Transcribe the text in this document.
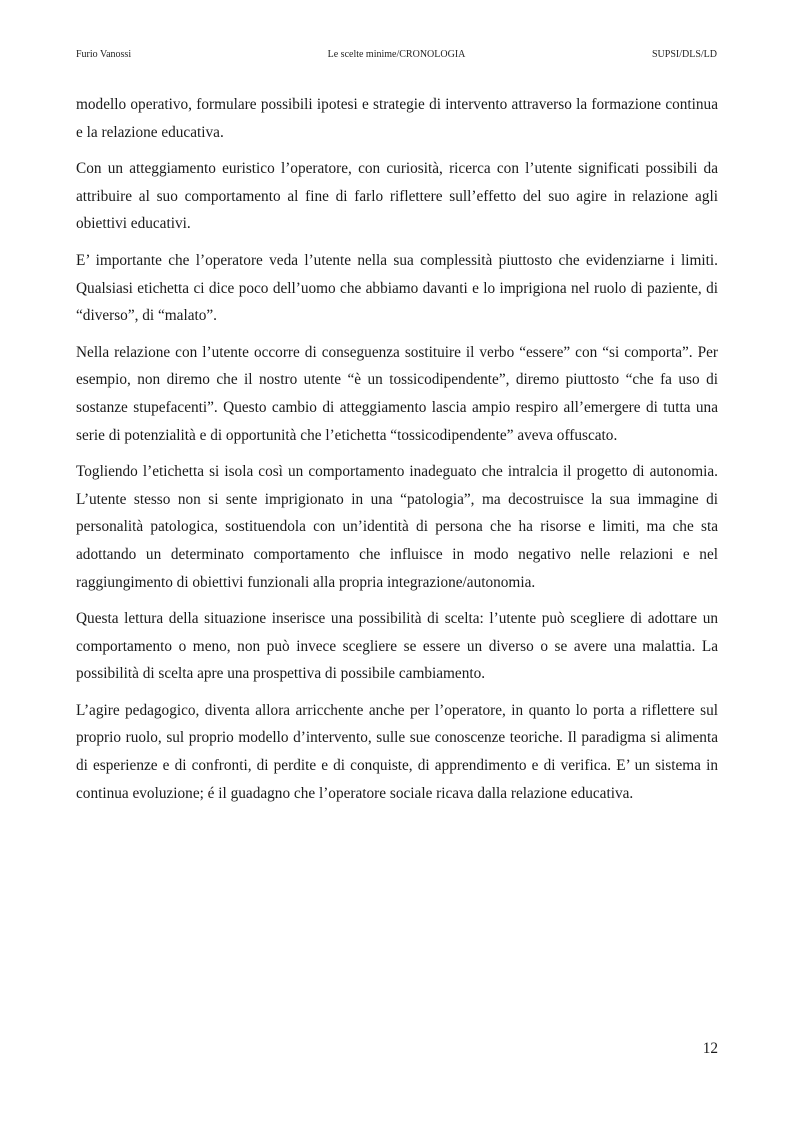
Furio Vanossi	Le scelte minime/CRONOLOGIA	SUPSI/DLS/LD

modello operativo, formulare possibili ipotesi e strategie di intervento attraverso la formazione continua e la relazione educativa.

Con un atteggiamento euristico l’operatore, con curiosità, ricerca con l’utente significati possibili da attribuire al suo comportamento al fine di farlo riflettere sull’effetto del suo agire in relazione agli obiettivi educativi.

E’ importante che l’operatore veda l’utente nella sua complessità piuttosto che evidenziarne i limiti. Qualsiasi etichetta ci dice poco dell’uomo che abbiamo davanti e lo imprigiona nel ruolo di paziente, di “diverso”, di “malato”.

Nella relazione con l’utente occorre di conseguenza sostituire il verbo “essere” con “si comporta”. Per esempio, non diremo che il nostro utente “è un tossicodipendente”, diremo piuttosto “che fa uso di sostanze stupefacenti”. Questo cambio di atteggiamento lascia ampio respiro all’emergere di tutta una serie di potenzialità e di opportunità che l’etichetta “tossicodipendente” aveva offuscato.

Togliendo l’etichetta si isola così un comportamento inadeguato che intralcia il progetto di autonomia. L’utente stesso non si sente imprigionato in una “patologia”, ma decostruisce la sua immagine di personalità patologica, sostituendola con un’identità di persona che ha risorse e limiti, ma che sta adottando un determinato comportamento che influisce in modo negativo nelle relazioni e nel raggiungimento di obiettivi funzionali alla propria integrazione/autonomia.

Questa lettura della situazione inserisce una possibilità di scelta: l’utente può scegliere di adottare un comportamento o meno, non può invece scegliere se essere un diverso o se avere una malattia. La possibilità di scelta apre una prospettiva di possibile cambiamento.

L’agire pedagogico, diventa allora arricchente anche per l’operatore, in quanto lo porta a riflettere sul proprio ruolo, sul proprio modello d’intervento, sulle sue conoscenze teoriche. Il paradigma si alimenta di esperienze e di confronti, di perdite e di conquiste, di apprendimento e di verifica. E’ un sistema in continua evoluzione; é il guadagno che l’operatore sociale ricava dalla relazione educativa.

12
